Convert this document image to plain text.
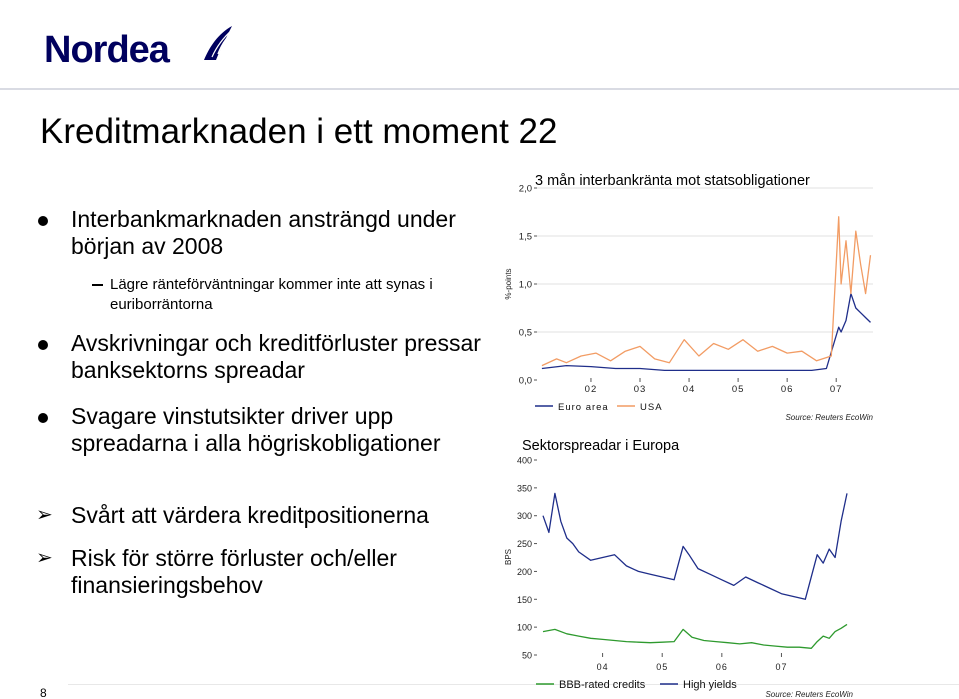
Nordea
Kreditmarknaden i ett moment 22
Interbankmarknaden ansträngd under början av 2008
Lägre ränteförväntningar kommer inte att synas i euriborräntorna
Avskrivningar och kreditförluster pressar banksektorns spreadar
Svagare vinstutsikter driver upp spreadarna i alla högriskobligationer
➢ Svårt att värdera kreditpositionerna
➢ Risk för större förluster och/eller finansieringsbehov
8
0,0
0,5
1,0
1,5
2,0
02	03	04	05	06	07
3 mån interbankränta mot statsobligationer
%-points
Euro area	USA
Source: Reuters EcoWin
50
100
150
200
250
300
350
400
04	05	06	07
Sektorspreadar i Europa
BPS
BBB-rated credits	High yields
Source: Reuters EcoWin
